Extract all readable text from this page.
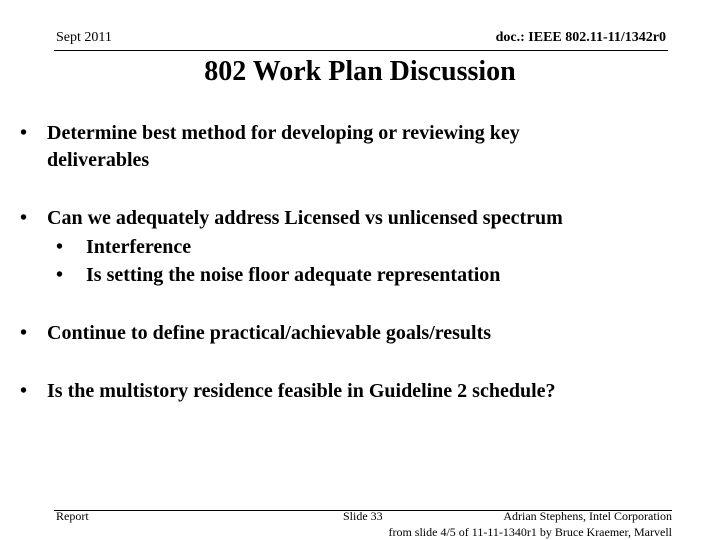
Sept 2011	doc.: IEEE 802.11-11/1342r0
802 Work Plan Discussion
• Determine best method for developing or reviewing key
deliverables
• Can we adequately address Licensed vs unlicensed spectrum
• Interference
• Is setting the noise floor adequate representation
• Continue to define practical/achievable goals/results
• Is the multistory residence feasible in Guideline 2 schedule?
Report	Slide 33	Adrian Stephens, Intel Corporation
from slide 4/5 of 11-11-1340r1 by Bruce Kraemer, Marvell
